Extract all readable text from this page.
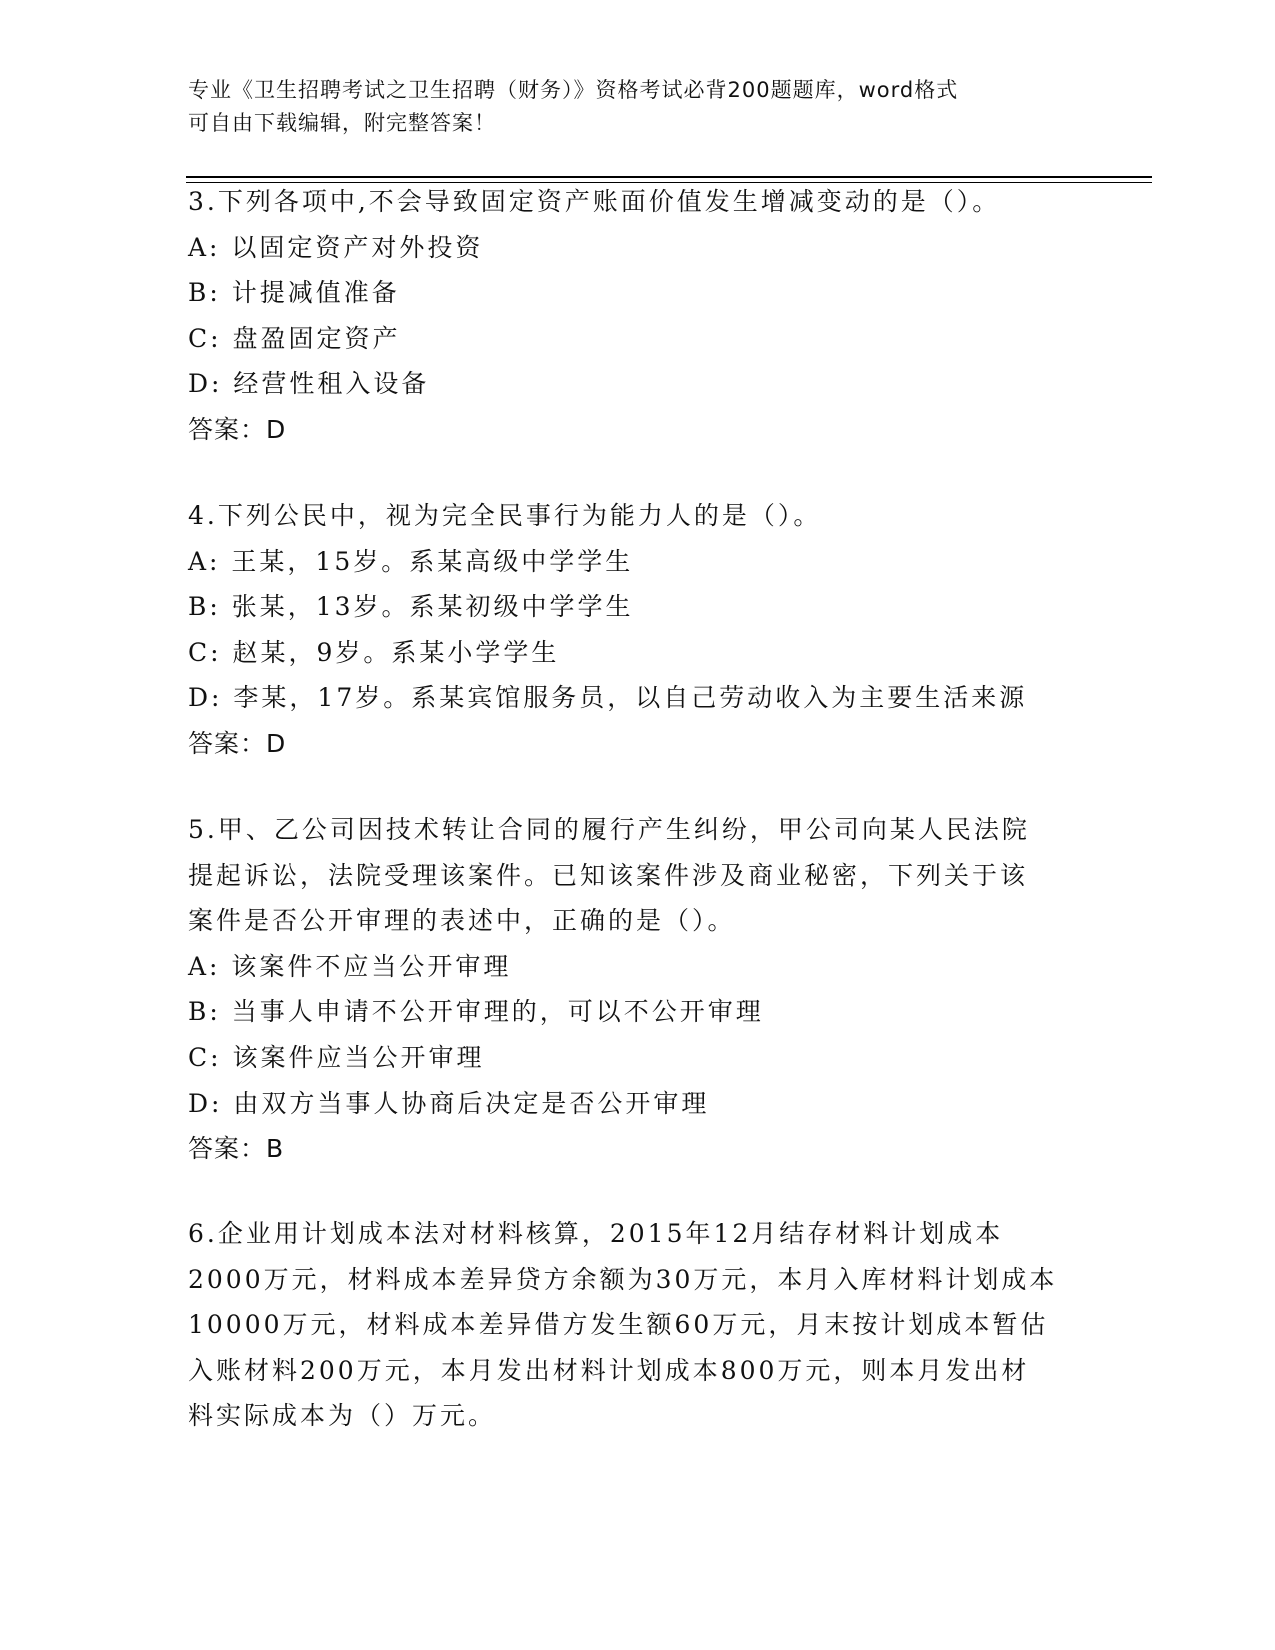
专业《卫生招聘考试之卫生招聘（财务）》资格考试必背200题题库，word格式
可自由下载编辑，附完整答案！
3.下列各项中,不会导致固定资产账面价值发生增减变动的是（）。
A: 以固定资产对外投资
B: 计提减值准备
C: 盘盈固定资产
D: 经营性租入设备
答案：D
4.下列公民中，视为完全民事行为能力人的是（）。
A: 王某，15岁。系某高级中学学生
B: 张某，13岁。系某初级中学学生
C: 赵某，9岁。系某小学学生
D: 李某，17岁。系某宾馆服务员，以自己劳动收入为主要生活来源
答案：D
5.甲、乙公司因技术转让合同的履行产生纠纷，甲公司向某人民法院
提起诉讼，法院受理该案件。已知该案件涉及商业秘密，下列关于该
案件是否公开审理的表述中，正确的是（）。
A: 该案件不应当公开审理
B: 当事人申请不公开审理的，可以不公开审理
C: 该案件应当公开审理
D: 由双方当事人协商后决定是否公开审理
答案：B
6.企业用计划成本法对材料核算，2015年12月结存材料计划成本
2000万元，材料成本差异贷方余额为30万元，本月入库材料计划成本
10000万元，材料成本差异借方发生额60万元，月末按计划成本暂估
入账材料200万元，本月发出材料计划成本800万元，则本月发出材
料实际成本为（）万元。
